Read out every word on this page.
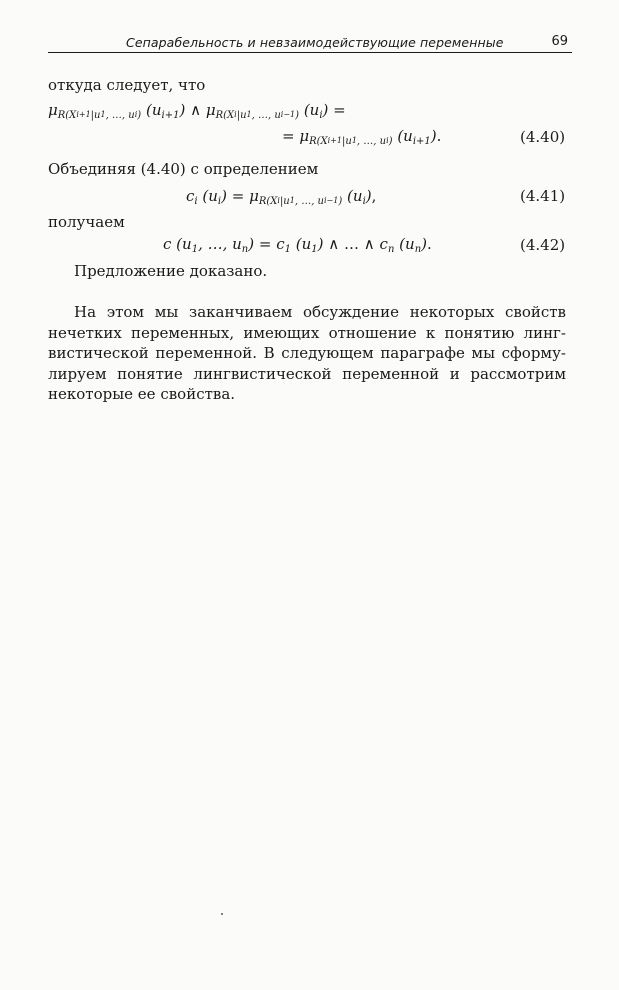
Сепарабельность и невзаимодействующие переменные	69
откуда следует, что
$\mu_{R(X}i+1_{|u}1_{, \dots, u}i_)$ $(u_{i+1})$ ∧ $\mu_{R(X}i_{|u}1_{, \dots, u}i-1_)$ $(u_i)$ =
= $\mu_{R(X}i+1_{|u}1_{, \dots, u}i_)$ $(u_{i+1})$.	(4.40)
Объединяя (4.40) с определением
$c_i$ $(u_i) = \mu_{R(X}i_{|u}1_{, \dots, u}i-1_)$ $(u_i)$,	(4.41)
получаем
c ($u_1$, …, $u_n) = c_1$ $(u_1)$ ∧ … ∧ $c_n$ $(u_n)$.	(4.42)
Предложение доказано.
На этом мы заканчиваем обсуждение некоторых свойств
нечетких переменных, имеющих отношение к понятию линг-
вистической переменной. В следующем параграфе мы сформу-
лируем понятие лингвистической переменной и рассмотрим
некоторые ее свойства.
